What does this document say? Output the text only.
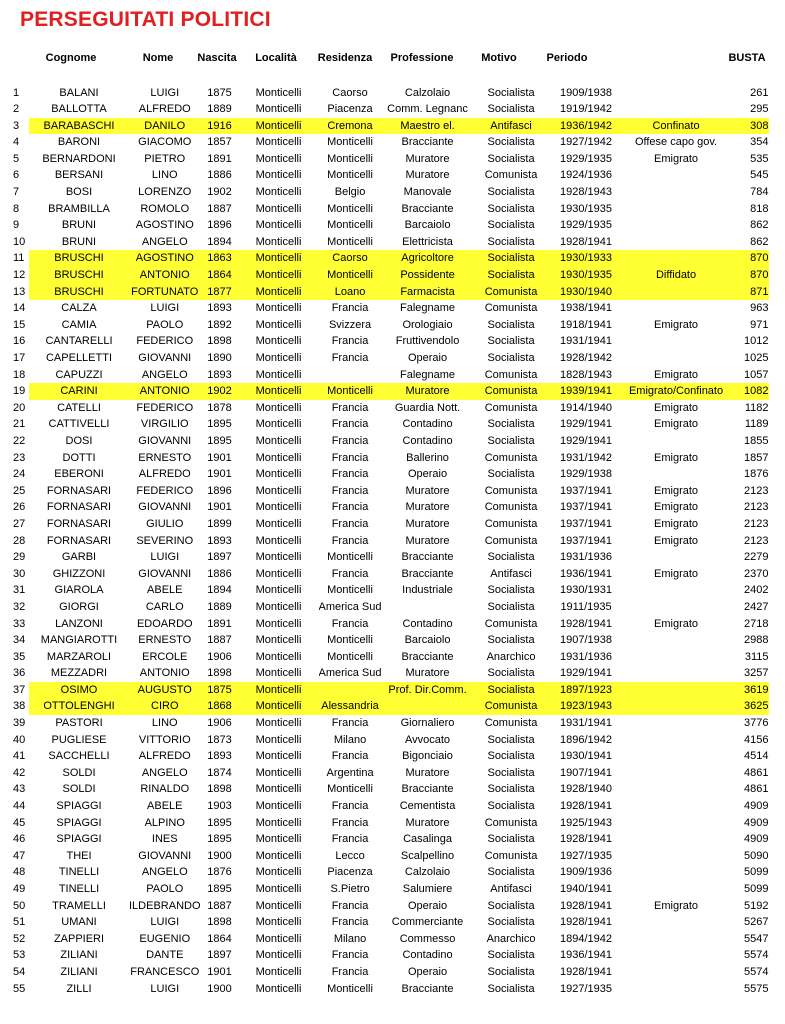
PERSEGUITATI POLITICI
Cognome	Nome	Nascita	Località	Residenza	Professione	Motivo	Periodo	BUSTA
1	BALANI	LUIGI	1875	Monticelli	Caorso	Calzolaio	Socialista	1909/1938		261
2	BALLOTTA	ALFREDO	1889	Monticelli	Piacenza	Comm. Legnanc	Socialista	1919/1942		295
3	BARABASCHI	DANILO	1916	Monticelli	Cremona	Maestro el.	Antifasci	1936/1942	Confinato	308
4	BARONI	GIACOMO	1857	Monticelli	Monticelli	Bracciante	Socialista	1927/1942	Offese capo gov.	354
5	BERNARDONI	PIETRO	1891	Monticelli	Monticelli	Muratore	Socialista	1929/1935	Emigrato	535
6	BERSANI	LINO	1886	Monticelli	Monticelli	Muratore	Comunista	1924/1936		545
7	BOSI	LORENZO	1902	Monticelli	Belgio	Manovale	Socialista	1928/1943		784
8	BRAMBILLA	ROMOLO	1887	Monticelli	Monticelli	Bracciante	Socialista	1930/1935		818
9	BRUNI	AGOSTINO	1896	Monticelli	Monticelli	Barcaiolo	Socialista	1929/1935		862
10	BRUNI	ANGELO	1894	Monticelli	Monticelli	Elettricista	Socialista	1928/1941		862
11	BRUSCHI	AGOSTINO	1863	Monticelli	Caorso	Agricoltore	Socialista	1930/1933		870
12	BRUSCHI	ANTONIO	1864	Monticelli	Monticelli	Possidente	Socialista	1930/1935	Diffidato	870
13	BRUSCHI	FORTUNATO	1877	Monticelli	Loano	Farmacista	Comunista	1930/1940		871
14	CALZA	LUIGI	1893	Monticelli	Francia	Falegname	Comunista	1938/1941		963
15	CAMIA	PAOLO	1892	Monticelli	Svizzera	Orologiaio	Socialista	1918/1941	Emigrato	971
16	CANTARELLI	FEDERICO	1898	Monticelli	Francia	Fruttivendolo	Socialista	1931/1941		1012
17	CAPELLETTI	GIOVANNI	1890	Monticelli	Francia	Operaio	Socialista	1928/1942		1025
18	CAPUZZI	ANGELO	1893	Monticelli		Falegname	Comunista	1828/1943	Emigrato	1057
19	CARINI	ANTONIO	1902	Monticelli	Monticelli	Muratore	Comunista	1939/1941	Emigrato/Confinato	1082
20	CATELLI	FEDERICO	1878	Monticelli	Francia	Guardia Nott.	Comunista	1914/1940	Emigrato	1182
21	CATTIVELLI	VIRGILIO	1895	Monticelli	Francia	Contadino	Socialista	1929/1941	Emigrato	1189
22	DOSI	GIOVANNI	1895	Monticelli	Francia	Contadino	Socialista	1929/1941		1855
23	DOTTI	ERNESTO	1901	Monticelli	Francia	Ballerino	Comunista	1931/1942	Emigrato	1857
24	EBERONI	ALFREDO	1901	Monticelli	Francia	Operaio	Socialista	1929/1938		1876
25	FORNASARI	FEDERICO	1896	Monticelli	Francia	Muratore	Comunista	1937/1941	Emigrato	2123
26	FORNASARI	GIOVANNI	1901	Monticelli	Francia	Muratore	Comunista	1937/1941	Emigrato	2123
27	FORNASARI	GIULIO	1899	Monticelli	Francia	Muratore	Comunista	1937/1941	Emigrato	2123
28	FORNASARI	SEVERINO	1893	Monticelli	Francia	Muratore	Comunista	1937/1941	Emigrato	2123
29	GARBI	LUIGI	1897	Monticelli	Monticelli	Bracciante	Socialista	1931/1936		2279
30	GHIZZONI	GIOVANNI	1886	Monticelli	Francia	Bracciante	Antifasci	1936/1941	Emigrato	2370
31	GIAROLA	ABELE	1894	Monticelli	Monticelli	Industriale	Socialista	1930/1931		2402
32	GIORGI	CARLO	1889	Monticelli	America Sud		Socialista	1911/1935		2427
33	LANZONI	EDOARDO	1891	Monticelli	Francia	Contadino	Comunista	1928/1941	Emigrato	2718
34	MANGIAROTTI	ERNESTO	1887	Monticelli	Monticelli	Barcaiolo	Socialista	1907/1938		2988
35	MARZAROLI	ERCOLE	1906	Monticelli	Monticelli	Bracciante	Anarchico	1931/1936		3115
36	MEZZADRI	ANTONIO	1898	Monticelli	America Sud	Muratore	Socialista	1929/1941		3257
37	OSIMO	AUGUSTO	1875	Monticelli		Prof. Dir.Comm.	Socialista	1897/1923		3619
38	OTTOLENGHI	CIRO	1868	Monticelli	Alessandria		Comunista	1923/1943		3625
39	PASTORI	LINO	1906	Monticelli	Francia	Giornaliero	Comunista	1931/1941		3776
40	PUGLIESE	VITTORIO	1873	Monticelli	Milano	Avvocato	Socialista	1896/1942		4156
41	SACCHELLI	ALFREDO	1893	Monticelli	Francia	Bigonciaio	Socialista	1930/1941		4514
42	SOLDI	ANGELO	1874	Monticelli	Argentina	Muratore	Socialista	1907/1941		4861
43	SOLDI	RINALDO	1898	Monticelli	Monticelli	Bracciante	Socialista	1928/1940		4861
44	SPIAGGI	ABELE	1903	Monticelli	Francia	Cementista	Socialista	1928/1941		4909
45	SPIAGGI	ALPINO	1895	Monticelli	Francia	Muratore	Comunista	1925/1943		4909
46	SPIAGGI	INES	1895	Monticelli	Francia	Casalinga	Socialista	1928/1941		4909
47	THEI	GIOVANNI	1900	Monticelli	Lecco	Scalpellino	Comunista	1927/1935		5090
48	TINELLI	ANGELO	1876	Monticelli	Piacenza	Calzolaio	Socialista	1909/1936		5099
49	TINELLI	PAOLO	1895	Monticelli	S.Pietro	Salumiere	Antifasci	1940/1941		5099
50	TRAMELLI	ILDEBRANDO	1887	Monticelli	Francia	Operaio	Socialista	1928/1941	Emigrato	5192
51	UMANI	LUIGI	1898	Monticelli	Francia	Commerciante	Socialista	1928/1941		5267
52	ZAPPIERI	EUGENIO	1864	Monticelli	Milano	Commesso	Anarchico	1894/1942		5547
53	ZILIANI	DANTE	1897	Monticelli	Francia	Contadino	Socialista	1936/1941		5574
54	ZILIANI	FRANCESCO	1901	Monticelli	Francia	Operaio	Socialista	1928/1941		5574
55	ZILLI	LUIGI	1900	Monticelli	Monticelli	Bracciante	Socialista	1927/1935		5575
